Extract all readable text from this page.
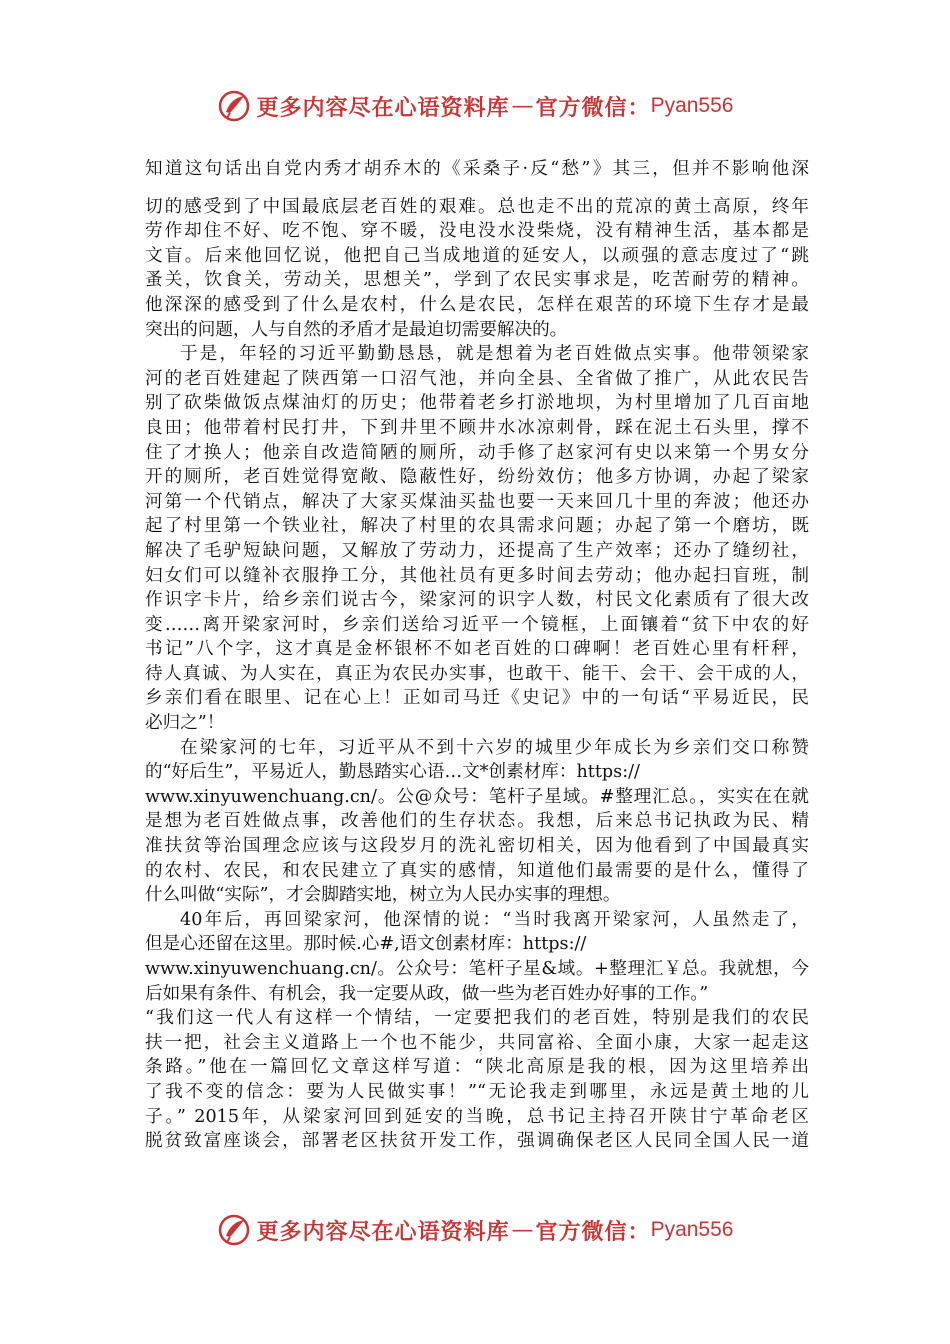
更多内容尽在心语资料库 — 官方微信： Pyan556
知道这句话出自党内秀才胡乔木的《采桑子·反“愁”》其三，但并不影响他深
切的感受到了中国最底层老百姓的艰难。总也走不出的荒凉的黄土高原，终年
劳作却住不好、吃不饱、穿不暖，没电没水没柴烧，没有精神生活，基本都是
文盲。后来他回忆说，他把自己当成地道的延安人，以顽强的意志度过了“跳
蚤关，饮食关，劳动关，思想关”，学到了农民实事求是，吃苦耐劳的精神。
他深深的感受到了什么是农村，什么是农民，怎样在艰苦的环境下生存才是最
突出的问题，人与自然的矛盾才是最迫切需要解决的。
于是，年轻的习近平勤勤恳恳，就是想着为老百姓做点实事。他带领梁家
河的老百姓建起了陕西第一口沼气池，并向全县、全省做了推广，从此农民告
别了砍柴做饭点煤油灯的历史；他带着老乡打淤地坝，为村里增加了几百亩地
良田；他带着村民打井，下到井里不顾井水冰凉刺骨，踩在泥土石头里，撑不
住了才换人；他亲自改造简陋的厕所，动手修了赵家河有史以来第一个男女分
开的厕所，老百姓觉得宽敞、隐蔽性好，纷纷效仿；他多方协调，办起了梁家
河第一个代销点，解决了大家买煤油买盐也要一天来回几十里的奔波；他还办
起了村里第一个铁业社，解决了村里的农具需求问题；办起了第一个磨坊，既
解决了毛驴短缺问题，又解放了劳动力，还提高了生产效率；还办了缝纫社，
妇女们可以缝补衣服挣工分，其他社员有更多时间去劳动；他办起扫盲班，制
作识字卡片，给乡亲们说古今，梁家河的识字人数，村民文化素质有了很大改
变……离开梁家河时，乡亲们送给习近平一个镜框，上面镶着“贫下中农的好
书记”八个字，这才真是金杯银杯不如老百姓的口碑啊！老百姓心里有杆秤，
待人真诚、为人实在，真正为农民办实事，也敢干、能干、会干、会干成的人，
乡亲们看在眼里、记在心上！正如司马迁《史记》中的一句话“平易近民，民
必归之”！
在梁家河的七年，习近平从不到十六岁的城里少年成长为乡亲们交口称赞
的“好后生”，平易近人，勤恳踏实心语…文*创素材库：https://
www.xinyuwenchuang.cn/。公@众号：笔杆子星域。#整理汇总。，实实在在就
是想为老百姓做点事，改善他们的生存状态。我想，后来总书记执政为民、精
准扶贫等治国理念应该与这段岁月的洗礼密切相关，因为他看到了中国最真实
的农村、农民，和农民建立了真实的感情，知道他们最需要的是什么，懂得了
什么叫做“实际”，才会脚踏实地，树立为人民办实事的理想。
40年后，再回梁家河，他深情的说：“当时我离开梁家河，人虽然走了，
但是心还留在这里。那时候.心#,语文创素材库：https://
www.xinyuwenchuang.cn/。公众号：笔杆子星&域。+整理汇￥总。我就想，今
后如果有条件、有机会，我一定要从政，做一些为老百姓办好事的工作。”
“我们这一代人有这样一个情结，一定要把我们的老百姓，特别是我们的农民
扶一把，社会主义道路上一个也不能少，共同富裕、全面小康，大家一起走这
条路。”他在一篇回忆文章这样写道：“陕北高原是我的根，因为这里培养出
了我不变的信念：要为人民做实事！”“无论我走到哪里，永远是黄土地的儿
子。” 2015年，从梁家河回到延安的当晚，总书记主持召开陕甘宁革命老区
脱贫致富座谈会，部署老区扶贫开发工作，强调确保老区人民同全国人民一道
更多内容尽在心语资料库 — 官方微信： Pyan556
